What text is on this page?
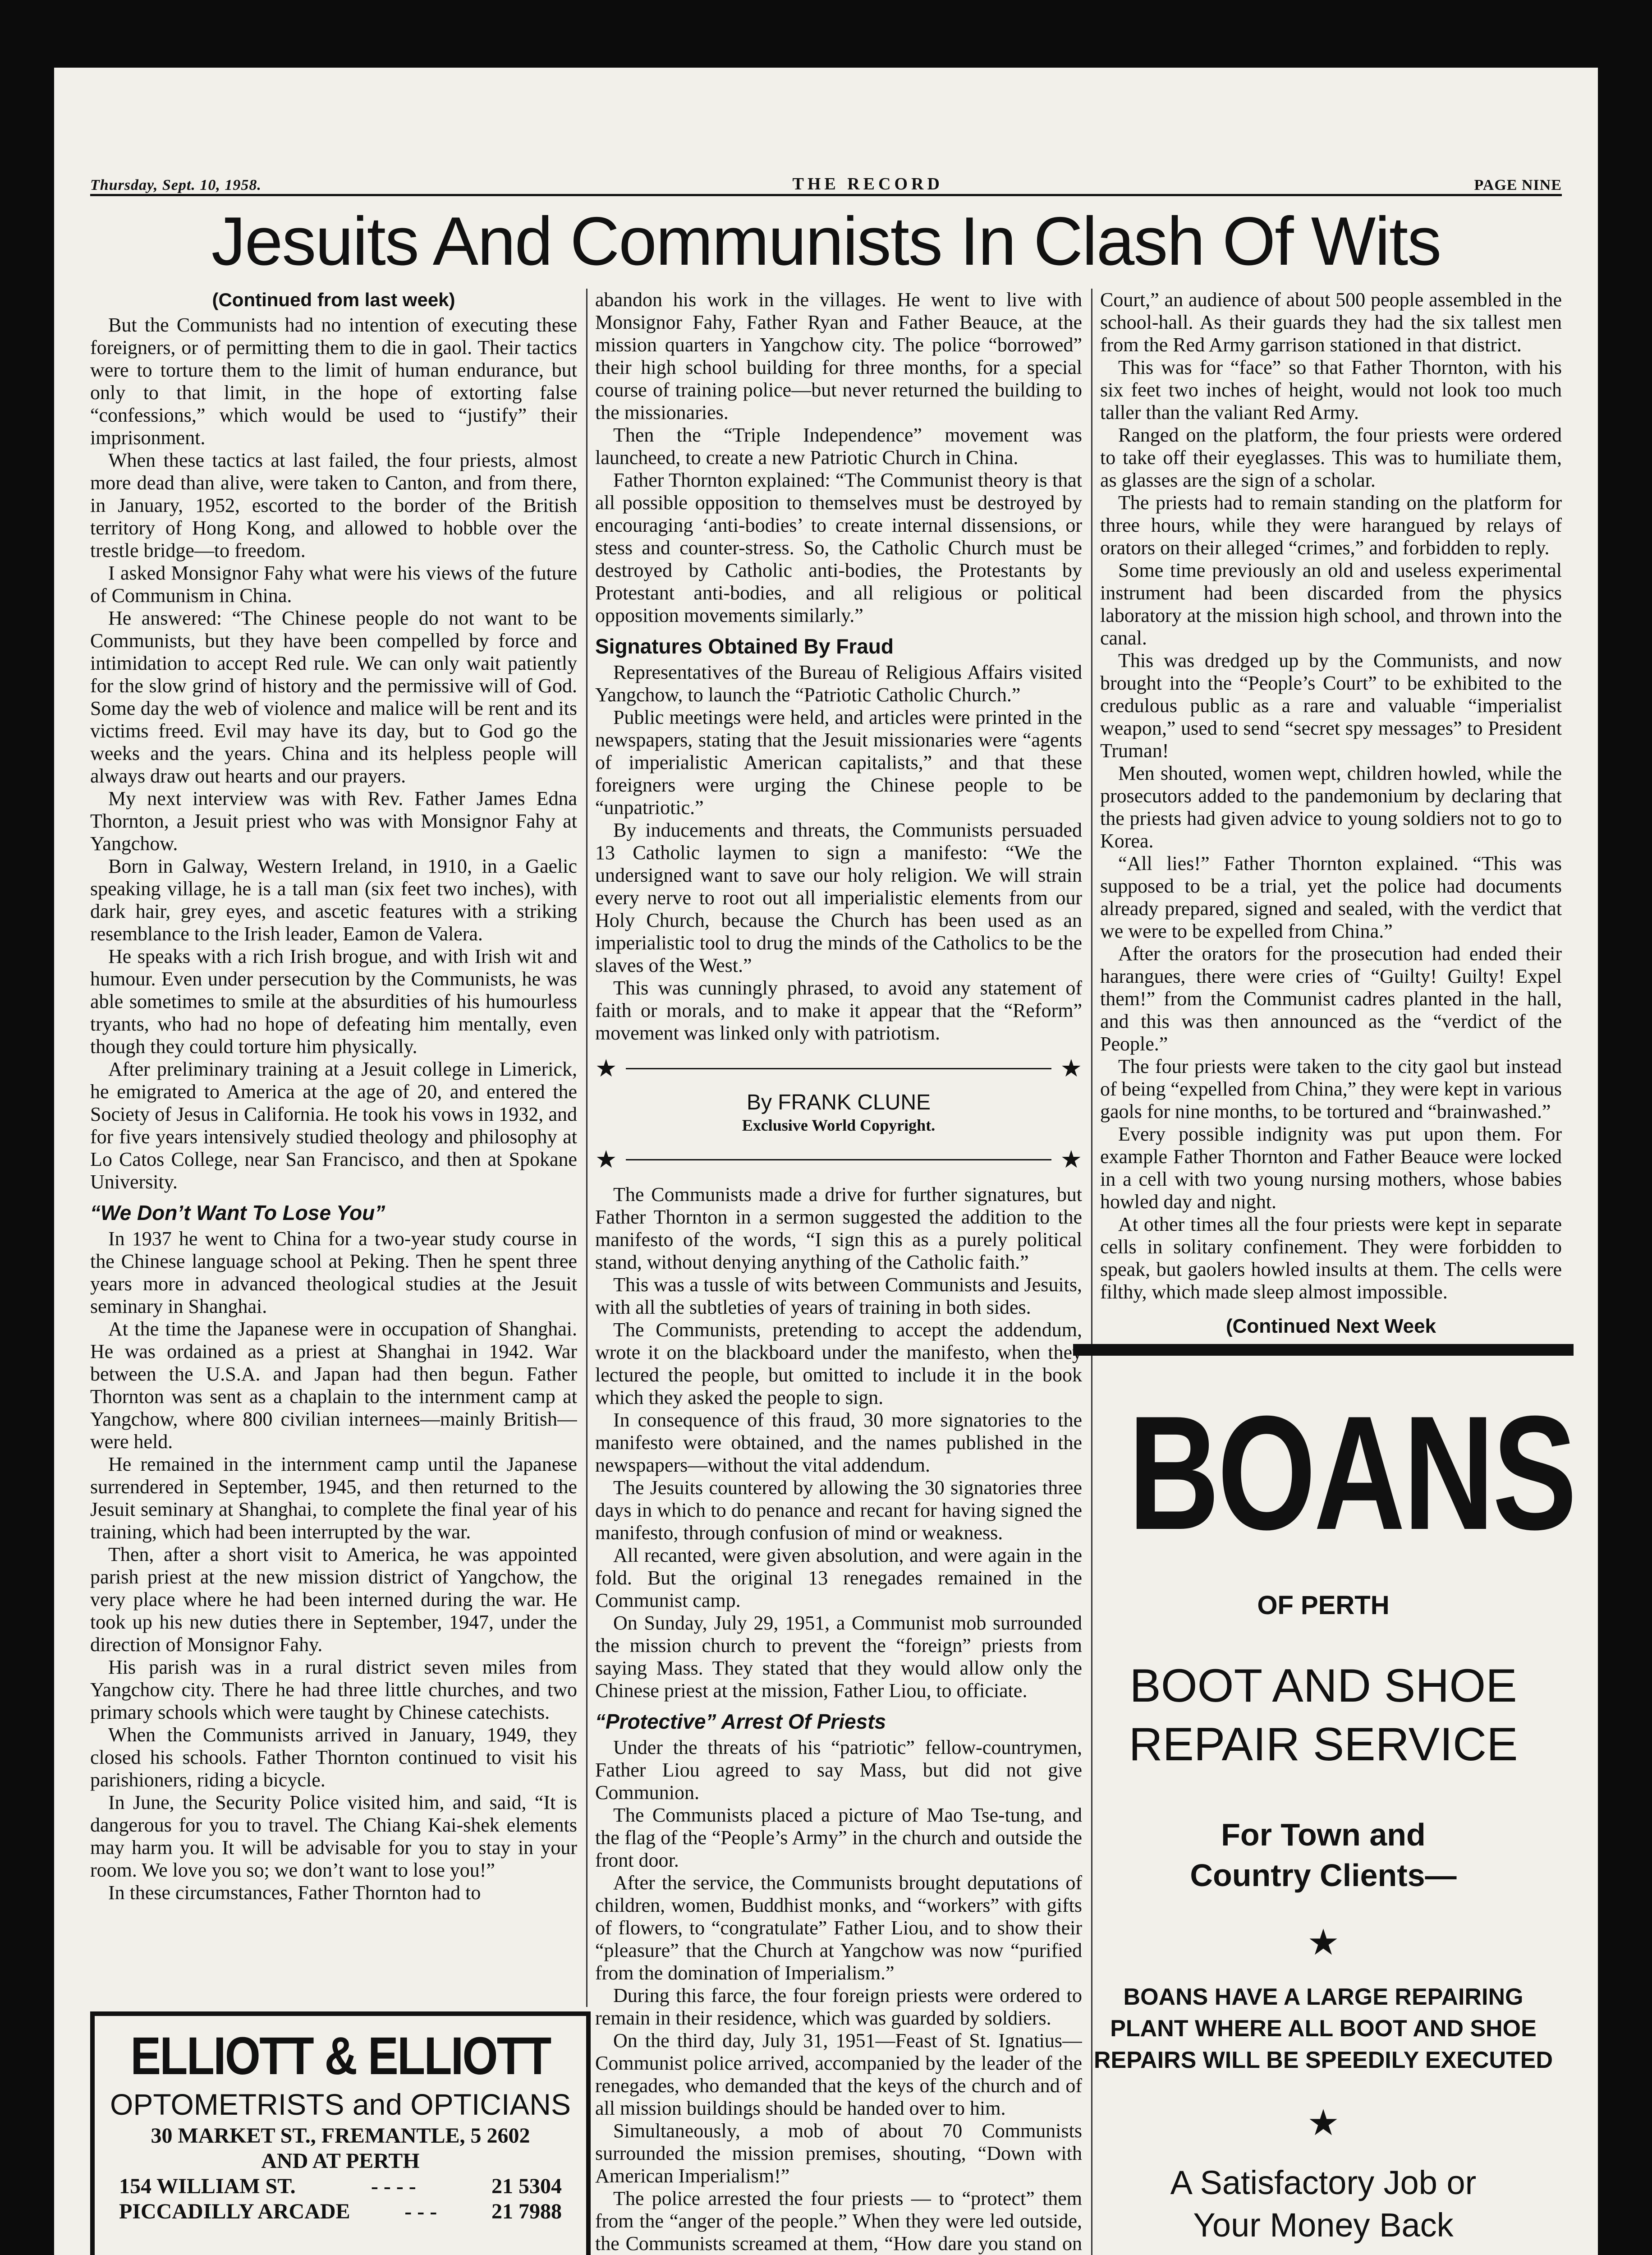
Thursday, Sept. 10, 1958.	THE RECORD	PAGE NINE
Jesuits And Communists In Clash Of Wits

(Continued from last week)

But the Communists had no intention of executing these foreigners, or of permitting them to die in gaol. Their tactics were to torture them to the limit of human endurance, but only to that limit, in the hope of extorting false “confessions,” which would be used to “justify” their imprisonment.

When these tactics at last failed, the four priests, almost more dead than alive, were taken to Canton, and from there, in January, 1952, escorted to the border of the British territory of Hong Kong, and allowed to hobble over the trestle bridge—to freedom.

I asked Monsignor Fahy what were his views of the future of Communism in China.

He answered: “The Chinese people do not want to be Communists, but they have been compelled by force and intimidation to accept Red rule. We can only wait patiently for the slow grind of history and the permissive will of God. Some day the web of violence and malice will be rent and its victims freed. Evil may have its day, but to God go the weeks and the years. China and its helpless people will always draw out hearts and our prayers.

My next interview was with Rev. Father James Edna Thornton, a Jesuit priest who was with Monsignor Fahy at Yangchow.

Born in Galway, Western Ireland, in 1910, in a Gaelic speaking village, he is a tall man (six feet two inches), with dark hair, grey eyes, and ascetic features with a striking resemblance to the Irish leader, Eamon de Valera.

He speaks with a rich Irish brogue, and with Irish wit and humour. Even under persecution by the Communists, he was able sometimes to smile at the absurdities of his humourless tryants, who had no hope of defeating him mentally, even though they could torture him physically.

After preliminary training at a Jesuit college in Limerick, he emigrated to America at the age of 20, and entered the Society of Jesus in California. He took his vows in 1932, and for five years intensively studied theology and philosophy at Lo Catos College, near San Francisco, and then at Spokane University.

“We Don’t Want To Lose You”

In 1937 he went to China for a two-year study course in the Chinese language school at Peking. Then he spent three years more in advanced theological studies at the Jesuit seminary in Shanghai.

At the time the Japanese were in occupation of Shanghai. He was ordained as a priest at Shanghai in 1942. War between the U.S.A. and Japan had then begun. Father Thornton was sent as a chaplain to the internment camp at Yangchow, where 800 civilian internees—mainly British—were held.

He remained in the internment camp until the Japanese surrendered in September, 1945, and then returned to the Jesuit seminary at Shanghai, to complete the final year of his training, which had been interrupted by the war.

Then, after a short visit to America, he was appointed parish priest at the new mission district of Yangchow, the very place where he had been interned during the war. He took up his new duties there in September, 1947, under the direction of Monsignor Fahy.

His parish was in a rural district seven miles from Yangchow city. There he had three little churches, and two primary schools which were taught by Chinese catechists.

When the Communists arrived in January, 1949, they closed his schools. Father Thornton continued to visit his parishioners, riding a bicycle.

In June, the Security Police visited him, and said, “It is dangerous for you to travel. The Chiang Kai-shek elements may harm you. It will be advisable for you to stay in your room. We love you so; we don’t want to lose you!”

In these circumstances, Father Thornton had to

abandon his work in the villages. He went to live with Monsignor Fahy, Father Ryan and Father Beauce, at the mission quarters in Yangchow city. The police “borrowed” their high school building for three months, for a special course of training police—but never returned the building to the missionaries.

Then the “Triple Independence” movement was launcheed, to create a new Patriotic Church in China.

Father Thornton explained: “The Communist theory is that all possible opposition to themselves must be destroyed by encouraging ‘anti-bodies’ to create internal dissensions, or stess and counter-stress. So, the Catholic Church must be destroyed by Catholic anti-bodies, the Protestants by Protestant anti-bodies, and all religious or political opposition movements similarly.”

Signatures Obtained By Fraud

Representatives of the Bureau of Religious Affairs visited Yangchow, to launch the “Patriotic Catholic Church.”

Public meetings were held, and articles were printed in the newspapers, stating that the Jesuit missionaries were “agents of imperialistic American capitalists,” and that these foreigners were urging the Chinese people to be “unpatriotic.”

By inducements and threats, the Communists persuaded 13 Catholic laymen to sign a manifesto: “We the undersigned want to save our holy religion. We will strain every nerve to root out all imperialistic elements from our Holy Church, because the Church has been used as an imperialistic tool to drug the minds of the Catholics to be the slaves of the West.”

This was cunningly phrased, to avoid any statement of faith or morals, and to make it appear that the “Reform” movement was linked only with patriotism.

★	★
By FRANK CLUNE
Exclusive World Copyright.
★	★

The Communists made a drive for further signatures, but Father Thornton in a sermon suggested the addition to the manifesto of the words, “I sign this as a purely political stand, without denying anything of the Catholic faith.”

This was a tussle of wits between Communists and Jesuits, with all the subtleties of years of training in both sides.

The Communists, pretending to accept the addendum, wrote it on the blackboard under the manifesto, when they lectured the people, but omitted to include it in the book which they asked the people to sign.

In consequence of this fraud, 30 more signatories to the manifesto were obtained, and the names published in the newspapers—without the vital addendum.

The Jesuits countered by allowing the 30 signatories three days in which to do penance and recant for having signed the manifesto, through confusion of mind or weakness.

All recanted, were given absolution, and were again in the fold. But the original 13 renegades remained in the Communist camp.

On Sunday, July 29, 1951, a Communist mob surrounded the mission church to prevent the “foreign” priests from saying Mass. They stated that they would allow only the Chinese priest at the mission, Father Liou, to officiate.

“Protective” Arrest Of Priests

Under the threats of his “patriotic” fellow-countrymen, Father Liou agreed to say Mass, but did not give Communion.

The Communists placed a picture of Mao Tse-tung, and the flag of the “People’s Army” in the church and outside the front door.

After the service, the Communists brought deputations of children, women, Buddhist monks, and “workers” with gifts of flowers, to “congratulate” Father Liou, and to show their “pleasure” that the Church at Yangchow was now “purified from the domination of Imperialism.”

During this farce, the four foreign priests were ordered to remain in their residence, which was guarded by soldiers.

On the third day, July 31, 1951—Feast of St. Ignatius—Communist police arrived, accompanied by the leader of the renegades, who demanded that the keys of the church and of all mission buildings should be handed over to him.

Simultaneously, a mob of about 70 Communists surrounded the mission premises, shouting, “Down with American Imperialism!”

The police arrested the four priests — to “protect” them from the “anger of the people.” When they were led outside, the Communists screamed at them, “How dare you stand on

Court,” an audience of about 500 people assembled in the school-hall. As their guards they had the six tallest men from the Red Army garrison stationed in that district.

This was for “face” so that Father Thornton, with his six feet two inches of height, would not look too much taller than the valiant Red Army.

Ranged on the platform, the four priests were ordered to take off their eyeglasses. This was to humiliate them, as glasses are the sign of a scholar.

The priests had to remain standing on the platform for three hours, while they were harangued by relays of orators on their alleged “crimes,” and forbidden to reply.

Some time previously an old and useless experimental instrument had been discarded from the physics laboratory at the mission high school, and thrown into the canal.

This was dredged up by the Communists, and now brought into the “People’s Court” to be exhibited to the credulous public as a rare and valuable “imperialist weapon,” used to send “secret spy messages” to President Truman!

Men shouted, women wept, children howled, while the prosecutors added to the pandemonium by declaring that the priests had given advice to young soldiers not to go to Korea.

“All lies!” Father Thornton explained. “This was supposed to be a trial, yet the police had documents already prepared, signed and sealed, with the verdict that we were to be expelled from China.”

After the orators for the prosecution had ended their harangues, there were cries of “Guilty! Guilty! Expel them!” from the Communist cadres planted in the hall, and this was then announced as the “verdict of the People.”

The four priests were taken to the city gaol but instead of being “expelled from China,” they were kept in various gaols for nine months, to be tortured and “brainwashed.”

Every possible indignity was put upon them. For example Father Thornton and Father Beauce were locked in a cell with two young nursing mothers, whose babies howled day and night.

At other times all the four priests were kept in separate cells in solitary confinement. They were forbidden to speak, but gaolers howled insults at them. The cells were filthy, which made sleep almost impossible.

(Continued Next Week

ELLIOTT & ELLIOTT
OPTOMETRISTS and OPTICIANS
30 MARKET ST., FREMANTLE, 5 2602
AND AT PERTH
154 WILLIAM ST.	- - - -	21 5304
PICCADILLY ARCADE	- - -	21 7988
BOANS
OF PERTH
BOOT AND SHOE
REPAIR SERVICE
For Town and
Country Clients—
★
BOANS HAVE A LARGE REPAIRING
PLANT WHERE ALL BOOT AND SHOE
REPAIRS WILL BE SPEEDILY EXECUTED
★
A Satisfactory Job or
Your Money Back
